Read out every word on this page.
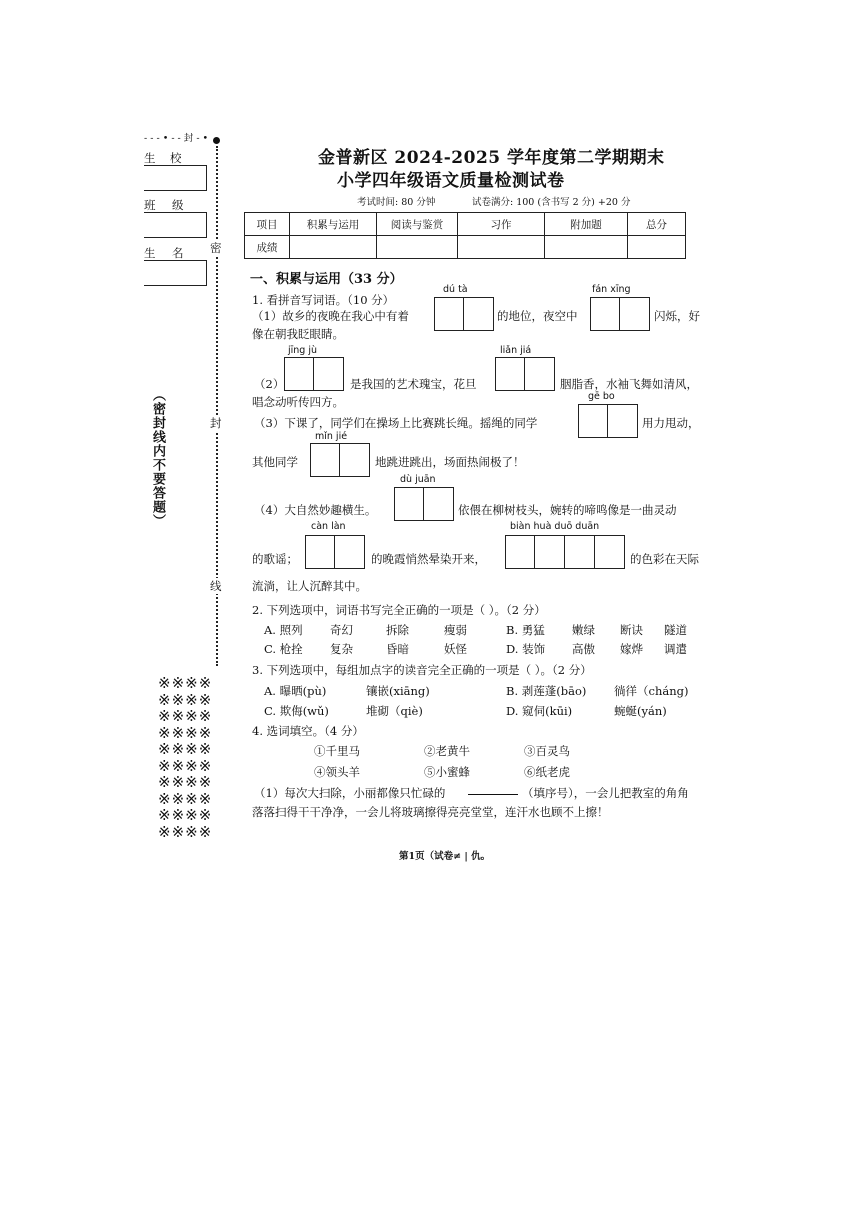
- - - • - - 封 - •
生 校
班 级
生 名 密
封
线
（密封线内不要答题）
※※※※
※※※※
※※※※
※※※※
※※※※
※※※※
※※※※
※※※※
※※※※
※※※※
金普新区 2024-2025 学年度第二学期期末
小学四年级语文质量检测试卷
考试时间: 80 分钟	试卷满分: 100 (含书写 2 分) +20 分
项目	积累与运用	阅读与鉴赏	习作	附加题	总分
成绩					
一、积累与运用（33 分）
1. 看拼音写词语。（10 分）
dú tà	fán xīng
（1）故乡的夜晚在我心中有着	的地位，夜空中	闪烁，好
像在朝我眨眼睛。
jīng jù	liǎn jiá
（2）	是我国的艺术瑰宝，花旦	胭脂香，水袖飞舞如清风，
唱念动听传四方。	gē bo
（3）下课了，同学们在操场上比赛跳长绳。摇绳的同学	用力甩动，
mǐn jié
其他同学	地跳进跳出，场面热闹极了！
dù juān
（4）大自然妙趣横生。	依偎在柳树枝头，婉转的啼鸣像是一曲灵动
càn làn	biàn huà duō duān
的歌谣；	的晚霞悄然晕染开来，	的色彩在天际
流淌，让人沉醉其中。
2. 下列选项中，词语书写完全正确的一项是（ ）。（2 分）
A. 照列 奇幻	拆除	瘦弱	B. 勇猛 嫩绿 断诀 隧道
C. 枪拴 复杂	昏暗	妖怪	D. 装饰 高傲 嫁烨 调遣
3. 下列选项中，每组加点字的读音完全正确的一项是（ ）。（2 分）
A. 曝晒(pù)	镶嵌(xiāng)	B. 剥莲蓬(bāo) 徜徉（cháng)
C. 欺侮(wǔ)	堆砌（qiè)	D. 窥伺(kūi)	蜿蜒(yán)
4. 选词填空。（4 分）
①千里马	②老黄牛	③百灵鸟
④领头羊	⑤小蜜蜂	⑥纸老虎
（1）每次大扫除，小丽都像只忙碌的	（填序号），一会儿把教室的角角
落落扫得干干净净，一会儿将玻璃擦得亮亮堂堂，连汗水也顾不上擦！
第1页（试卷≠ | 仇。
